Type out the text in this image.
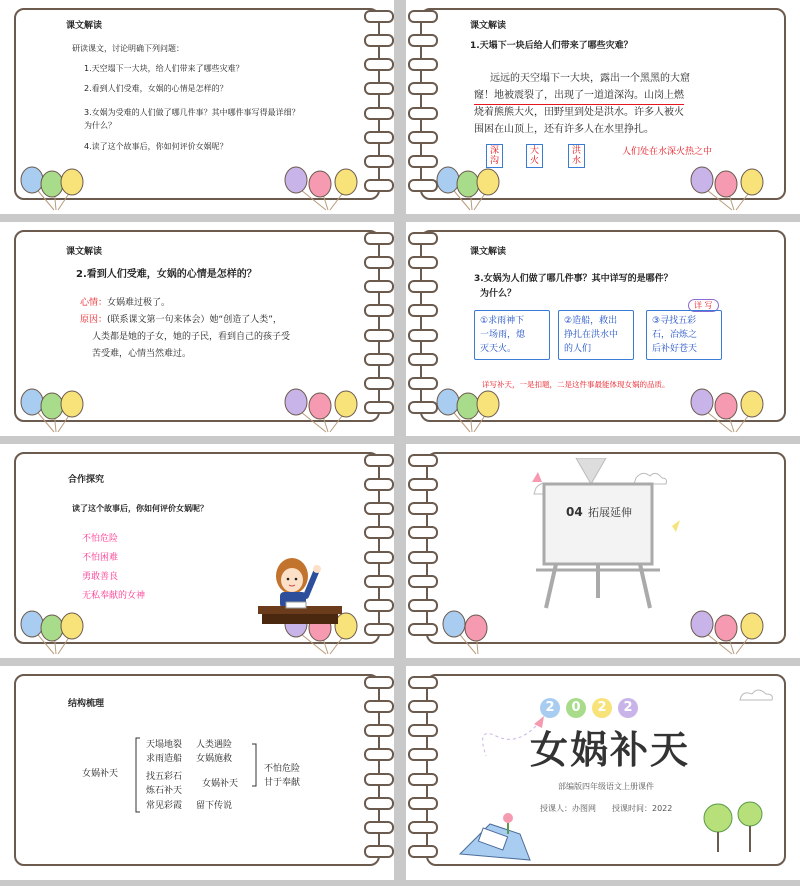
课文解读
研读课文，讨论明确下列问题：
1.天空塌下一大块，给人们带来了哪些灾难？
2.看到人们受难，女娲的心情是怎样的？
3.女娲为受难的人们做了哪几件事？其中哪件事写得最详细？
为什么？
4.读了这个故事后，你如何评价女娲呢？
课文解读
1.天塌下一块后给人们带来了哪些灾难？
远远的天空塌下一大块，露出一个黑黑的大窟
窿！地被震裂了，出现了一道道深沟。山岗上燃
烧着熊熊大火，田野里到处是洪水。许多人被火
围困在山顶上，还有许多人在水里挣扎。
深
沟
大
火
洪
水
人们处在水深火热之中
课文解读
2.看到人们受难，女娲的心情是怎样的？
心情：女娲难过极了。
原因：(联系课文第一句来体会）她“创造了人类”，
人类都是她的子女，她的子民，看到自己的孩子受
苦受难，心情当然难过。
课文解读
3.女娲为人们做了哪几件事？其中详写的是哪件？
为什么？
详 写
①求雨神下
一场雨，熄
灭天火。
②造船，救出
挣扎在洪水中
的人们
③寻找五彩
石，冶炼之
后补好苍天
详写补天，一是扣题，二是这件事最能体现女娲的品质。
合作探究
读了这个故事后，你如何评价女娲呢？
不怕危险
不怕困难
勇敢善良
无私奉献的女神
04 拓展延伸
结构梳理
女娲补天
天塌地裂
求雨造船
人类遇险
女娲施救
找五彩石
炼石补天
女娲补天
常见彩霞 留下传说
不怕危险
甘于奉献
2	0	2	2
女娲补天
部编版四年级语文上册课件
授课人：办图网 授课时间：2022
